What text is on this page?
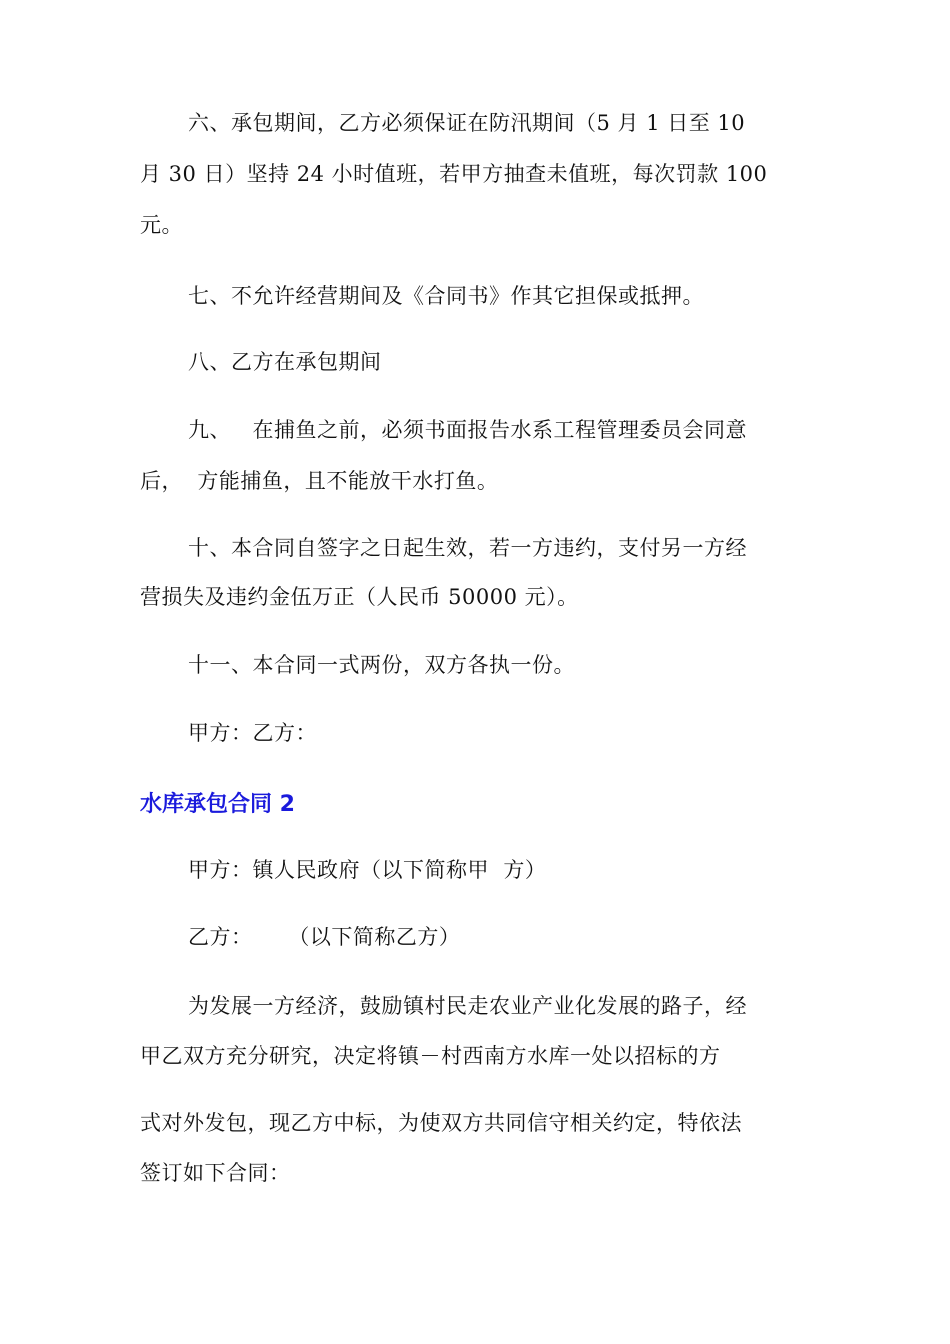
六、承包期间，乙方必须保证在防汛期间（5 月 1 日至 10
月 30 日）坚持 24 小时值班，若甲方抽查未值班，每次罚款 100
元。
七、不允许经营期间及《合同书》作其它担保或抵押。
八、乙方在承包期间
九、   在捕鱼之前，必须书面报告水系工程管理委员会同意
后，  方能捕鱼，且不能放干水打鱼。
十、本合同自签字之日起生效，若一方违约，支付另一方经
营损失及违约金伍万正（人民币 50000 元）。
十一、本合同一式两份，双方各执一份。
甲方：乙方：
水库承包合同 2
甲方：镇人民政府（以下简称甲  方）
乙方：     （以下简称乙方）
为发展一方经济，鼓励镇村民走农业产业化发展的路子，经
甲乙双方充分研究，决定将镇－村西南方水库一处以招标的方
式对外发包，现乙方中标，为使双方共同信守相关约定，特依法
签订如下合同：
